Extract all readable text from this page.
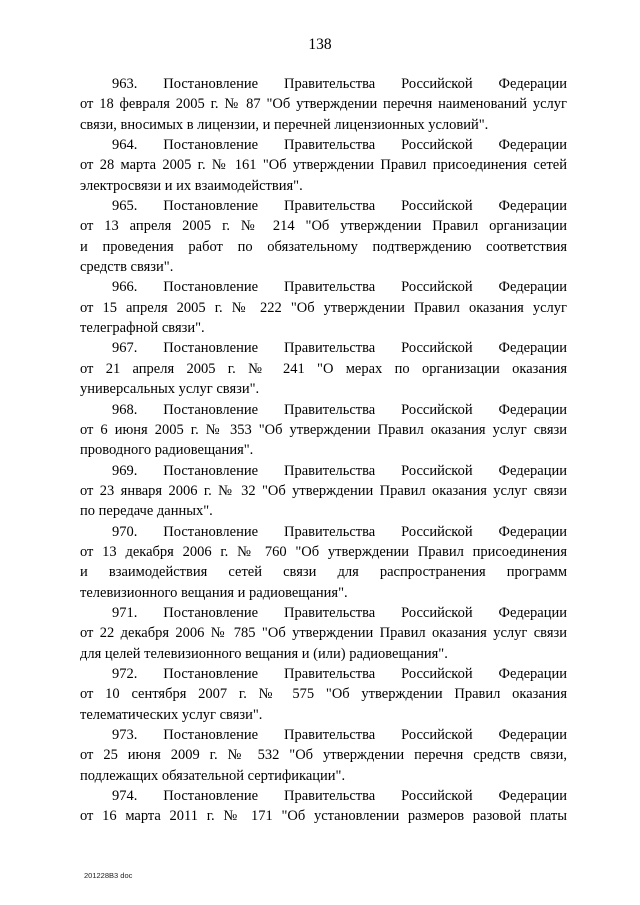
138

963. Постановление Правительства Российской Федерации
от 18 февраля 2005 г. № 87 "Об утверждении перечня наименований услуг
связи, вносимых в лицензии, и перечней лицензионных условий".

964. Постановление Правительства Российской Федерации
от 28 марта 2005 г. № 161 "Об утверждении Правил присоединения сетей
электросвязи и их взаимодействия".

965. Постановление Правительства Российской Федерации
от 13 апреля 2005 г. № 214 "Об утверждении Правил организации
и проведения работ по обязательному подтверждению соответствия
средств связи".

966. Постановление Правительства Российской Федерации
от 15 апреля 2005 г. № 222 "Об утверждении Правил оказания услуг
телеграфной связи".

967. Постановление Правительства Российской Федерации
от 21 апреля 2005 г. № 241 "О мерах по организации оказания
универсальных услуг связи".

968. Постановление Правительства Российской Федерации
от 6 июня 2005 г. № 353 "Об утверждении Правил оказания услуг связи
проводного радиовещания".

969. Постановление Правительства Российской Федерации
от 23 января 2006 г. № 32 "Об утверждении Правил оказания услуг связи
по передаче данных".

970. Постановление Правительства Российской Федерации
от 13 декабря 2006 г. № 760 "Об утверждении Правил присоединения
и взаимодействия сетей связи для распространения программ
телевизионного вещания и радиовещания".

971. Постановление Правительства Российской Федерации
от 22 декабря 2006 № 785 "Об утверждении Правил оказания услуг связи
для целей телевизионного вещания и (или) радиовещания".

972. Постановление Правительства Российской Федерации
от 10 сентября 2007 г. № 575 "Об утверждении Правил оказания
телематических услуг связи".

973. Постановление Правительства Российской Федерации
от 25 июня 2009 г. № 532 "Об утверждении перечня средств связи,
подлежащих обязательной сертификации".

974. Постановление Правительства Российской Федерации
от 16 марта 2011 г. № 171 "Об установлении размеров разовой платы

201228В3 doc
